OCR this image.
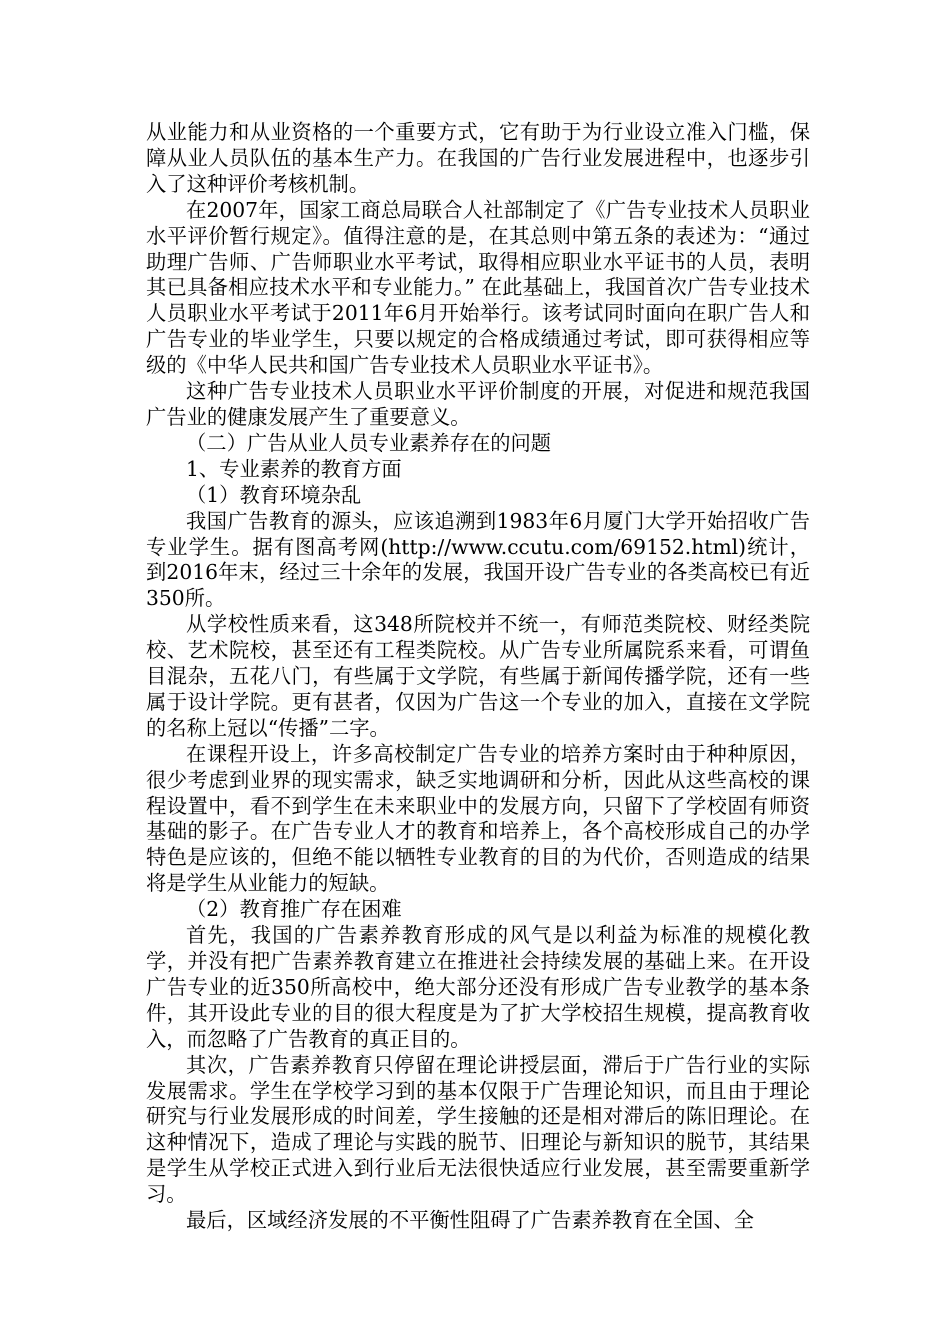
从业能力和从业资格的一个重要方式，它有助于为行业设立准入门槛，保障从业人员队伍的基本生产力。在我国的广告行业发展进程中，也逐步引入了这种评价考核机制。

在2007年，国家工商总局联合人社部制定了《广告专业技术人员职业水平评价暂行规定》。值得注意的是，在其总则中第五条的表述为：“通过助理广告师、广告师职业水平考试，取得相应职业水平证书的人员，表明其已具备相应技术水平和专业能力。” 在此基础上，我国首次广告专业技术人员职业水平考试于2011年6月开始举行。该考试同时面向在职广告人和广告专业的毕业学生，只要以规定的合格成绩通过考试，即可获得相应等级的《中华人民共和国广告专业技术人员职业水平证书》。

这种广告专业技术人员职业水平评价制度的开展，对促进和规范我国广告业的健康发展产生了重要意义。

（二）广告从业人员专业素养存在的问题

1、专业素养的教育方面

（1）教育环境杂乱

我国广告教育的源头，应该追溯到1983年6月厦门大学开始招收广告专业学生。据有图高考网(http://www.ccutu.com/69152.html)统计，到2016年末，经过三十余年的发展，我国开设广告专业的各类高校已有近350所。

从学校性质来看，这348所院校并不统一，有师范类院校、财经类院校、艺术院校，甚至还有工程类院校。从广告专业所属院系来看，可谓鱼目混杂，五花八门，有些属于文学院，有些属于新闻传播学院，还有一些属于设计学院。更有甚者，仅因为广告这一个专业的加入，直接在文学院的名称上冠以“传播”二字。

在课程开设上，许多高校制定广告专业的培养方案时由于种种原因，很少考虑到业界的现实需求，缺乏实地调研和分析，因此从这些高校的课程设置中，看不到学生在未来职业中的发展方向，只留下了学校固有师资基础的影子。在广告专业人才的教育和培养上，各个高校形成自己的办学特色是应该的，但绝不能以牺牲专业教育的目的为代价，否则造成的结果将是学生从业能力的短缺。

（2）教育推广存在困难

首先，我国的广告素养教育形成的风气是以利益为标准的规模化教学，并没有把广告素养教育建立在推进社会持续发展的基础上来。在开设广告专业的近350所高校中，绝大部分还没有形成广告专业教学的基本条件，其开设此专业的目的很大程度是为了扩大学校招生规模，提高教育收入，而忽略了广告教育的真正目的。

其次，广告素养教育只停留在理论讲授层面，滞后于广告行业的实际发展需求。学生在学校学习到的基本仅限于广告理论知识，而且由于理论研究与行业发展形成的时间差，学生接触的还是相对滞后的陈旧理论。在这种情况下，造成了理论与实践的脱节、旧理论与新知识的脱节，其结果是学生从学校正式进入到行业后无法很快适应行业发展，甚至需要重新学习。

最后，区域经济发展的不平衡性阻碍了广告素养教育在全国、全
